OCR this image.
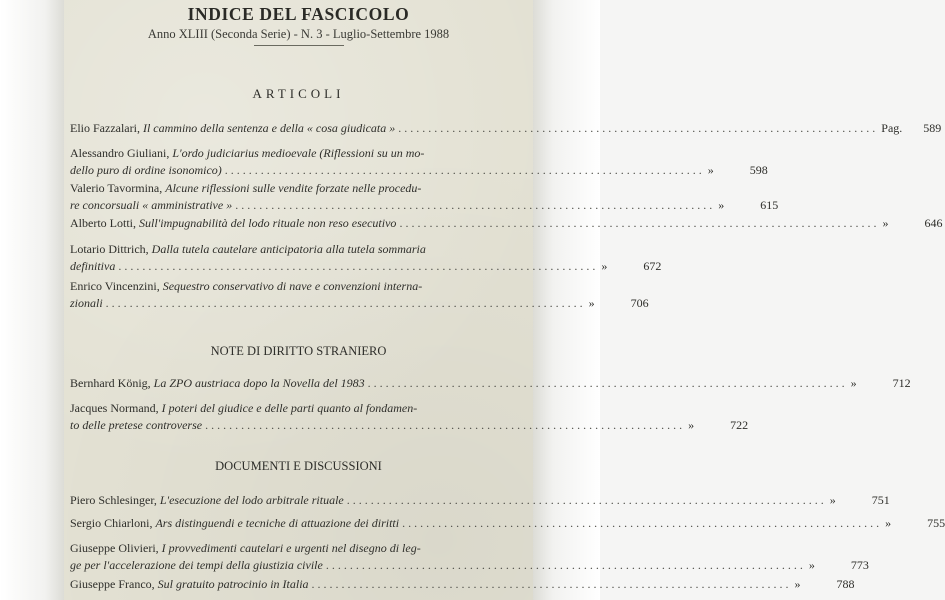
INDICE DEL FASCICOLO
Anno XLIII (Seconda Serie) - N. 3 - Luglio-Settembre 1988
ARTICOLI
Elio Fazzalari, Il cammino della sentenza e della « cosa giudicata » ................................................................................ Pag.	589
Alessandro Giuliani, L'ordo judiciarius medioevale (Riflessioni su un mo-
dello puro di ordine isonomico) ................................................................................ »	598
Valerio Tavormina, Alcune riflessioni sulle vendite forzate nelle procedu-
re concorsuali « amministrative » ................................................................................ »	615
Alberto Lotti, Sull'impugnabilità del lodo rituale non reso esecutivo ................................................................................ »	646
Lotario Dittrich, Dalla tutela cautelare anticipatoria alla tutela sommaria
definitiva ................................................................................ »	672
Enrico Vincenzini, Sequestro conservativo di nave e convenzioni interna-
zionali ................................................................................ »	706
NOTE DI DIRITTO STRANIERO
Bernhard König, La ZPO austriaca dopo la Novella del 1983 ................................................................................ »	712
Jacques Normand, I poteri del giudice e delle parti quanto al fondamen-
to delle pretese controverse ................................................................................ »	722
DOCUMENTI E DISCUSSIONI
Piero Schlesinger, L'esecuzione del lodo arbitrale rituale ................................................................................ »	751
Sergio Chiarloni, Ars distinguendi e tecniche di attuazione dei diritti ................................................................................ »	755
Giuseppe Olivieri, I provvedimenti cautelari e urgenti nel disegno di leg-
ge per l'accelerazione dei tempi della giustizia civile ................................................................................ »	773
Giuseppe Franco, Sul gratuito patrocinio in Italia ................................................................................ »	788
